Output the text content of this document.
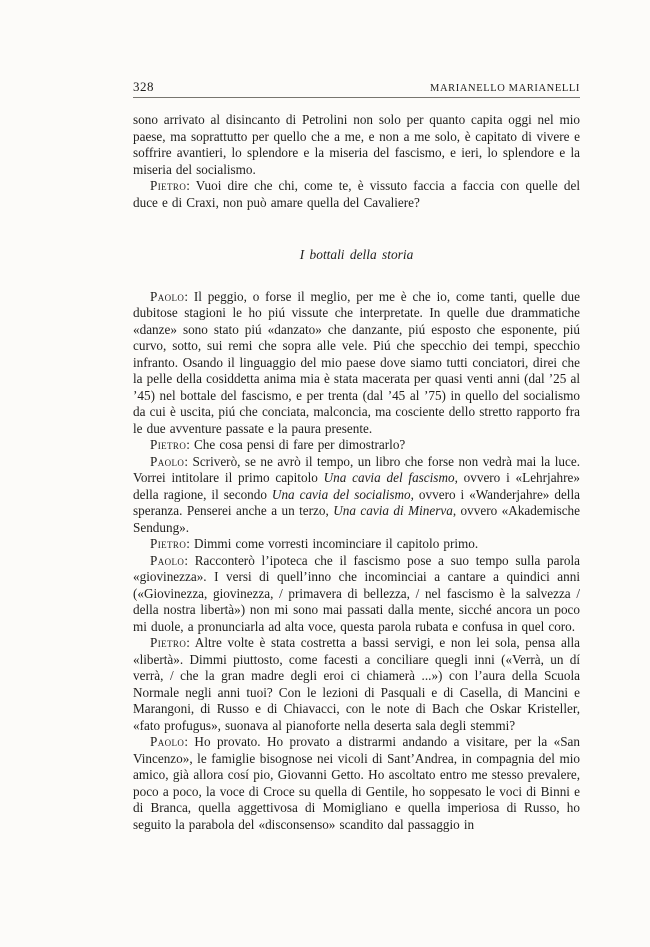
328	MARIANELLO MARIANELLI

sono arrivato al disincanto di Petrolini non solo per quanto capita oggi nel mio paese, ma soprattutto per quello che a me, e non a me solo, è capitato di vivere e soffrire avantieri, lo splendore e la miseria del fascismo, e ieri, lo splendore e la miseria del socialismo.

Pietro: Vuoi dire che chi, come te, è vissuto faccia a faccia con quelle del duce e di Craxi, non può amare quella del Cavaliere?

I bottali della storia

Paolo: Il peggio, o forse il meglio, per me è che io, come tanti, quelle due dubitose stagioni le ho piú vissute che interpretate. In quelle due drammatiche «danze» sono stato piú «danzato» che danzante, piú esposto che esponente, piú curvo, sotto, sui remi che sopra alle vele. Piú che specchio dei tempi, specchio infranto. Osando il linguaggio del mio paese dove siamo tutti conciatori, direi che la pelle della cosiddetta anima mia è stata macerata per quasi venti anni (dal ’25 al ’45) nel bottale del fascismo, e per trenta (dal ’45 al ’75) in quello del socialismo da cui è uscita, piú che conciata, malconcia, ma cosciente dello stretto rapporto fra le due avventure passate e la paura presente.

Pietro: Che cosa pensi di fare per dimostrarlo?

Paolo: Scriverò, se ne avrò il tempo, un libro che forse non vedrà mai la luce. Vorrei intitolare il primo capitolo Una cavia del fascismo, ovvero i «Lehrjahre» della ragione, il secondo Una cavia del socialismo, ovvero i «Wanderjahre» della speranza. Penserei anche a un terzo, Una cavia di Minerva, ovvero «Akademische Sendung».

Pietro: Dimmi come vorresti incominciare il capitolo primo.

Paolo: Racconterò l’ipoteca che il fascismo pose a suo tempo sulla parola «giovinezza». I versi di quell’inno che incominciai a cantare a quindici anni («Giovinezza, giovinezza, / primavera di bellezza, / nel fascismo è la salvezza / della nostra libertà») non mi sono mai passati dalla mente, sicché ancora un poco mi duole, a pronunciarla ad alta voce, questa parola rubata e confusa in quel coro.

Pietro: Altre volte è stata costretta a bassi servigi, e non lei sola, pensa alla «libertà». Dimmi piuttosto, come facesti a conciliare quegli inni («Verrà, un dí verrà, / che la gran madre degli eroi ci chiamerà ...») con l’aura della Scuola Normale negli anni tuoi? Con le lezioni di Pasquali e di Casella, di Mancini e Marangoni, di Russo e di Chiavacci, con le note di Bach che Oskar Kristeller, «fato profugus», suonava al pianoforte nella deserta sala degli stemmi?

Paolo: Ho provato. Ho provato a distrarmi andando a visitare, per la «San Vincenzo», le famiglie bisognose nei vicoli di Sant’Andrea, in compagnia del mio amico, già allora cosí pio, Giovanni Getto. Ho ascoltato entro me stesso prevalere, poco a poco, la voce di Croce su quella di Gentile, ho soppesato le voci di Binni e di Branca, quella aggettivosa di Momigliano e quella imperiosa di Russo, ho seguito la parabola del «disconsenso» scandito dal passaggio in
